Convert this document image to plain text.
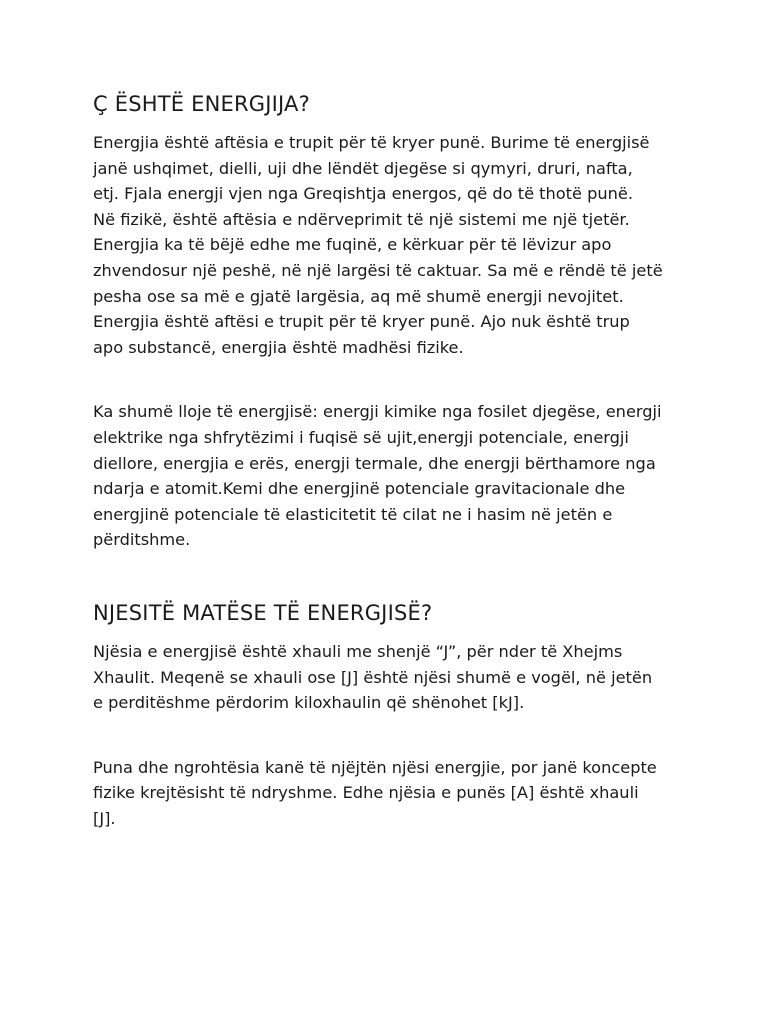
Ç ËSHTË ENERGJIJA?

Energjia është aftësia e trupit për të kryer punë. Burime të energjisë
janë ushqimet, dielli, uji dhe lëndët djegëse si qymyri, druri, nafta,
etj. Fjala energji vjen nga Greqishtja energos, që do të thotë punë.
Në fizikë, është aftësia e ndërveprimit të një sistemi me një tjetër.
Energjia ka të bëjë edhe me fuqinë, e kërkuar për të lëvizur apo
zhvendosur një peshë, në një largësi të caktuar. Sa më e rëndë të jetë
pesha ose sa më e gjatë largësia, aq më shumë energji nevojitet.
Energjia është aftësi e trupit për të kryer punë. Ajo nuk është trup
apo substancë, energjia është madhësi fizike.

Ka shumë lloje të energjisë: energji kimike nga fosilet djegëse, energji
elektrike nga shfrytëzimi i fuqisë së ujit,energji potenciale, energji
diellore, energjia e erës, energji termale, dhe energji bërthamore nga
ndarja e atomit.Kemi dhe energjinë potenciale gravitacionale dhe
energjinë potenciale të elasticitetit të cilat ne i hasim në jetën e
përditshme.

NJESITË MATËSE TË ENERGJISË?

Njësia e energjisë është xhauli me shenjë “J”, për nder të Xhejms
Xhaulit. Meqenë se xhauli ose [J] është njësi shumë e vogël, në jetën
e perditëshme përdorim kiloxhaulin që shënohet [kJ].

Puna dhe ngrohtësia kanë të njëjtën njësi energjie, por janë koncepte
fizike krejtësisht të ndryshme. Edhe njësia e punës [A] është xhauli
[J].
